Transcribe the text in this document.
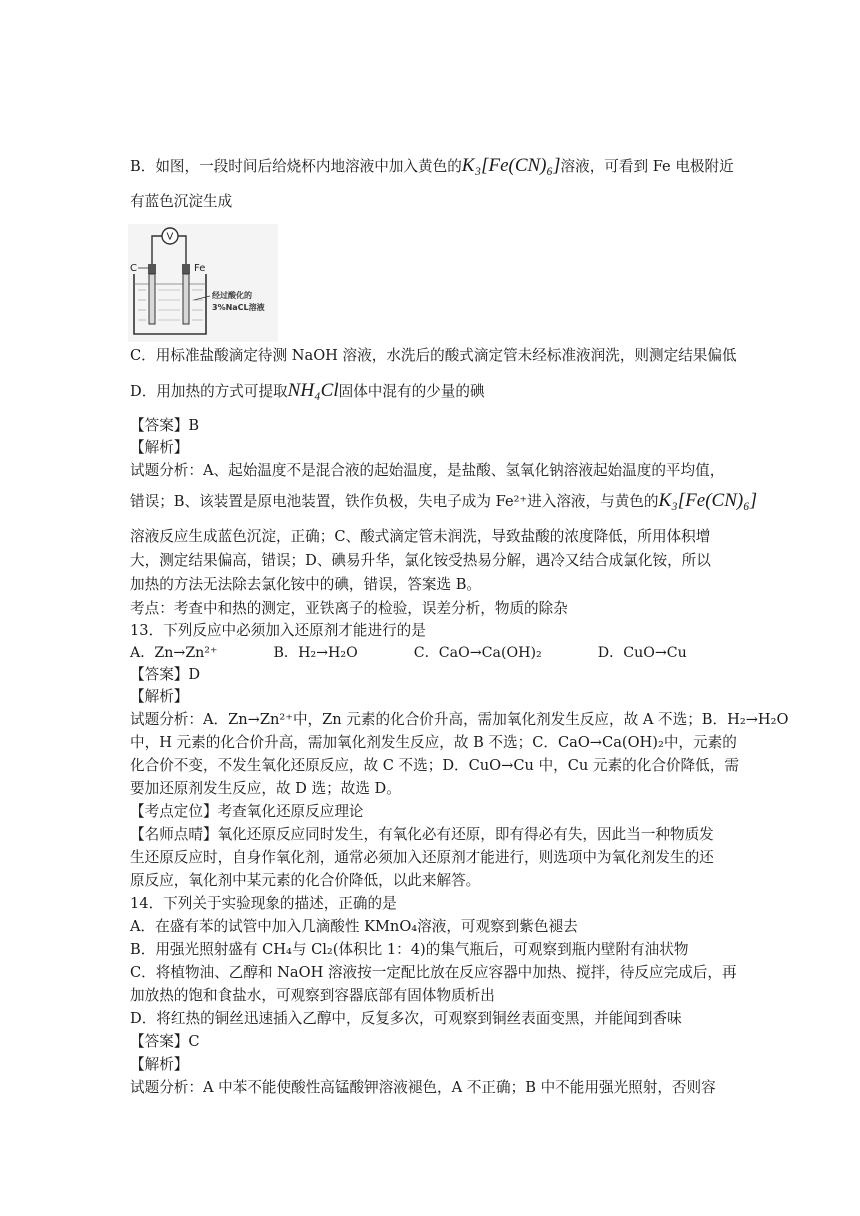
B．如图，一段时间后给烧杯内地溶液中加入黄色的K₃[Fe(CN)₆]溶液，可看到 Fe 电极附近
有蓝色沉淀生成
V
C	Fe
经过酸化的
3%NaCL溶液
C．用标准盐酸滴定待测 NaOH 溶液，水洗后的酸式滴定管未经标准液润洗，则测定结果偏低
D．用加热的方式可提取NH₄Cl固体中混有的少量的碘
【答案】B
【解析】
试题分析：A、起始温度不是混合液的起始温度，是盐酸、氢氧化钠溶液起始温度的平均值，
错误；B、该装置是原电池装置，铁作负极，失电子成为 Fe²⁺进入溶液，与黄色的K₃[Fe(CN)₆]
溶液反应生成蓝色沉淀，正确；C、酸式滴定管未润洗，导致盐酸的浓度降低，所用体积增
大，测定结果偏高，错误；D、碘易升华，氯化铵受热易分解，遇冷又结合成氯化铵，所以
加热的方法无法除去氯化铵中的碘，错误，答案选 B。
考点：考查中和热的测定，亚铁离子的检验，误差分析，物质的除杂
13．下列反应中必须加入还原剂才能进行的是
A．Zn→Zn²⁺	B．H₂→H₂O	C．CaO→Ca(OH)₂	D．CuO→Cu
【答案】D
【解析】
试题分析：A．Zn→Zn²⁺中，Zn 元素的化合价升高，需加氧化剂发生反应，故 A 不选；B．H₂→H₂O
中，H 元素的化合价升高，需加氧化剂发生反应，故 B 不选；C．CaO→Ca(OH)₂中，元素的
化合价不变，不发生氧化还原反应，故 C 不选；D．CuO→Cu 中，Cu 元素的化合价降低，需
要加还原剂发生反应，故 D 选；故选 D。
【考点定位】考查氧化还原反应理论
【名师点晴】氧化还原反应同时发生，有氧化必有还原，即有得必有失，因此当一种物质发
生还原反应时，自身作氧化剂，通常必须加入还原剂才能进行，则选项中为氧化剂发生的还
原反应，氧化剂中某元素的化合价降低，以此来解答。
14．下列关于实验现象的描述，正确的是
A．在盛有苯的试管中加入几滴酸性 KMnO₄溶液，可观察到紫色褪去
B．用强光照射盛有 CH₄与 Cl₂(体积比 1：4)的集气瓶后，可观察到瓶内壁附有油状物
C．将植物油、乙醇和 NaOH 溶液按一定配比放在反应容器中加热、搅拌，待反应完成后，再
加放热的饱和食盐水，可观察到容器底部有固体物质析出
D．将红热的铜丝迅速插入乙醇中，反复多次，可观察到铜丝表面变黑，并能闻到香味
【答案】C
【解析】
试题分析：A 中苯不能使酸性高锰酸钾溶液褪色，A 不正确；B 中不能用强光照射，否则容
